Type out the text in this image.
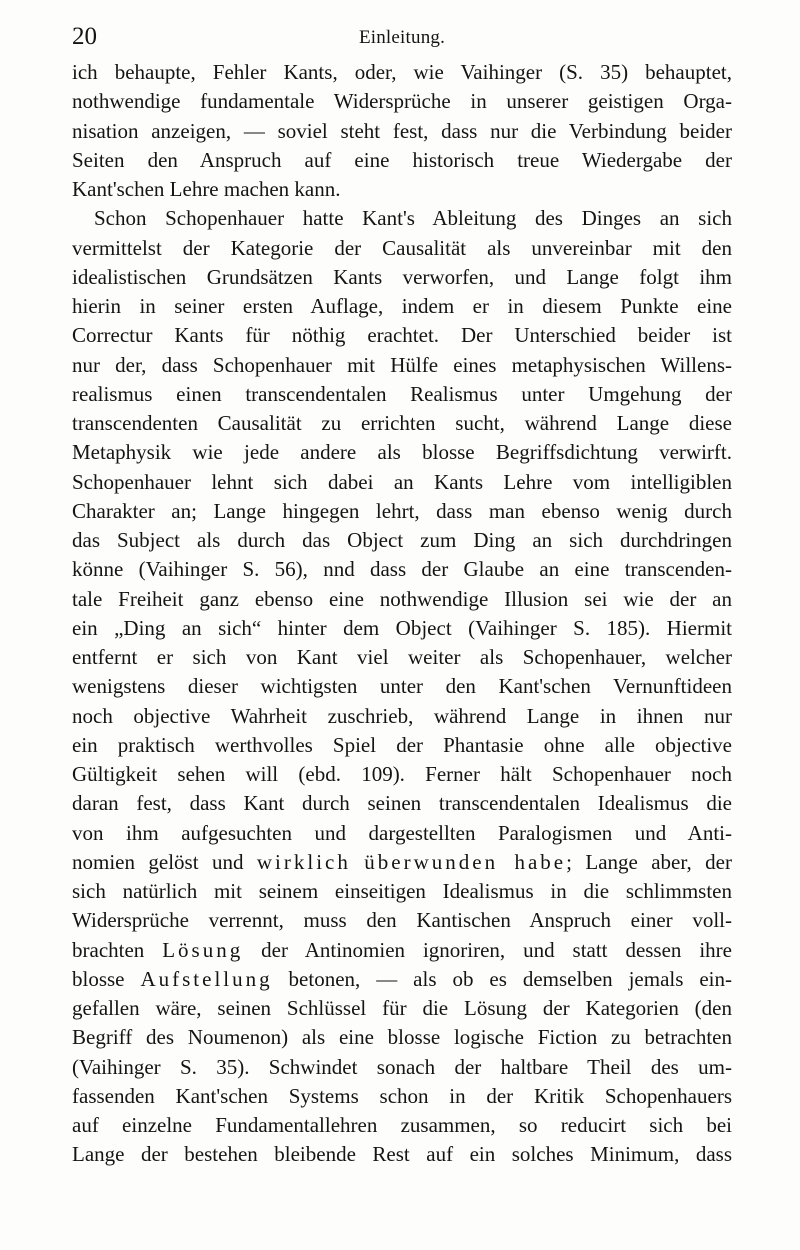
20	Einleitung.
ich behaupte, Fehler Kants, oder, wie Vaihinger (S. 35) behauptet,
nothwendige fundamentale Widersprüche in unserer geistigen Orga-
nisation anzeigen, — soviel steht fest, dass nur die Verbindung beider
Seiten den Anspruch auf eine historisch treue Wiedergabe der
Kant'schen Lehre machen kann.
Schon Schopenhauer hatte Kant's Ableitung des Dinges an sich
vermittelst der Kategorie der Causalität als unvereinbar mit den
idealistischen Grundsätzen Kants verworfen, und Lange folgt ihm
hierin in seiner ersten Auflage, indem er in diesem Punkte eine
Correctur Kants für nöthig erachtet. Der Unterschied beider ist
nur der, dass Schopenhauer mit Hülfe eines metaphysischen Willens-
realismus einen transcendentalen Realismus unter Umgehung der
transcendenten Causalität zu errichten sucht, während Lange diese
Metaphysik wie jede andere als blosse Begriffsdichtung verwirft.
Schopenhauer lehnt sich dabei an Kants Lehre vom intelligiblen
Charakter an; Lange hingegen lehrt, dass man ebenso wenig durch
das Subject als durch das Object zum Ding an sich durchdringen
könne (Vaihinger S. 56), nnd dass der Glaube an eine transcenden-
tale Freiheit ganz ebenso eine nothwendige Illusion sei wie der an
ein „Ding an sich“ hinter dem Object (Vaihinger S. 185). Hiermit
entfernt er sich von Kant viel weiter als Schopenhauer, welcher
wenigstens dieser wichtigsten unter den Kant'schen Vernunftideen
noch objective Wahrheit zuschrieb, während Lange in ihnen nur
ein praktisch werthvolles Spiel der Phantasie ohne alle objective
Gültigkeit sehen will (ebd. 109). Ferner hält Schopenhauer noch
daran fest, dass Kant durch seinen transcendentalen Idealismus die
von ihm aufgesuchten und dargestellten Paralogismen und Anti-
nomien gelöst und wirklich überwunden habe; Lange aber, der
sich natürlich mit seinem einseitigen Idealismus in die schlimmsten
Widersprüche verrennt, muss den Kantischen Anspruch einer voll-
brachten Lösung der Antinomien ignoriren, und statt dessen ihre
blosse Aufstellung betonen, — als ob es demselben jemals ein-
gefallen wäre, seinen Schlüssel für die Lösung der Kategorien (den
Begriff des Noumenon) als eine blosse logische Fiction zu betrachten
(Vaihinger S. 35). Schwindet sonach der haltbare Theil des um-
fassenden Kant'schen Systems schon in der Kritik Schopenhauers
auf einzelne Fundamentallehren zusammen, so reducirt sich bei
Lange der bestehen bleibende Rest auf ein solches Minimum, dass
